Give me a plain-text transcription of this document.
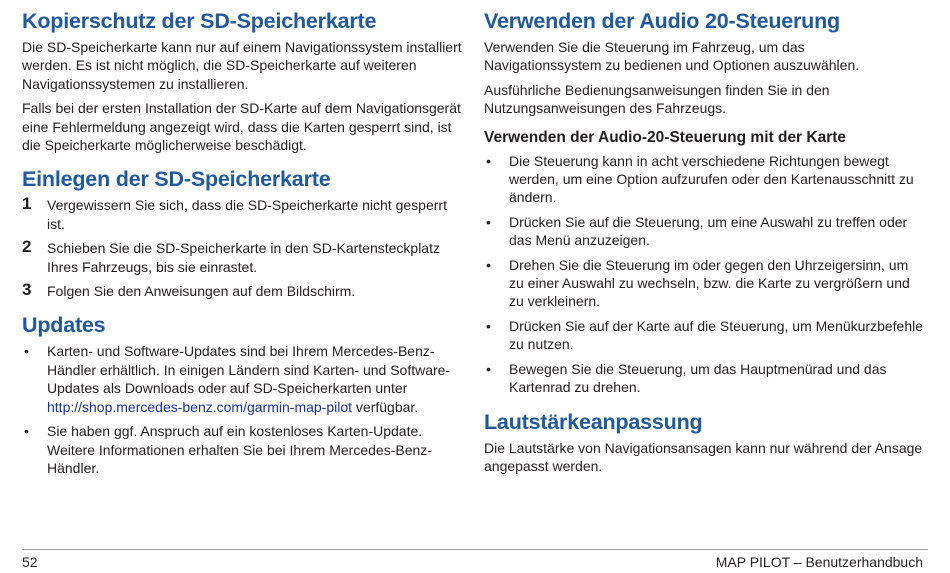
Kopierschutz der SD-Speicherkarte

Die SD-Speicherkarte kann nur auf einem Navigationssystem installiert werden. Es ist nicht möglich, die SD-Speicherkarte auf weiteren Navigationssystemen zu installieren.

Falls bei der ersten Installation der SD-Karte auf dem Navigationsgerät eine Fehlermeldung angezeigt wird, dass die Karten gesperrt sind, ist die Speicherkarte möglicherweise beschädigt.

Einlegen der SD-Speicherkarte
1 Vergewissern Sie sich, dass die SD-Speicherkarte nicht gesperrt ist.
2 Schieben Sie die SD-Speicherkarte in den SD-Kartensteckplatz Ihres Fahrzeugs, bis sie einrastet.
3 Folgen Sie den Anweisungen auf dem Bildschirm.
Updates
• Karten- und Software-Updates sind bei Ihrem Mercedes-Benz-Händler erhältlich. In einigen Ländern sind Karten- und Software-Updates als Downloads oder auf SD-Speicherkarten unter http://shop.mercedes-benz.com/garmin-map-pilot verfügbar.
• Sie haben ggf. Anspruch auf ein kostenloses Karten-Update. Weitere Informationen erhalten Sie bei Ihrem Mercedes-Benz-Händler.
Verwenden der Audio 20-Steuerung

Verwenden Sie die Steuerung im Fahrzeug, um das Navigationssystem zu bedienen und Optionen auszuwählen.

Ausführliche Bedienungsanweisungen finden Sie in den Nutzungsanweisungen des Fahrzeugs.

Verwenden der Audio-20-Steuerung mit der Karte
• Die Steuerung kann in acht verschiedene Richtungen bewegt werden, um eine Option aufzurufen oder den Kartenausschnitt zu ändern.
• Drücken Sie auf die Steuerung, um eine Auswahl zu treffen oder das Menü anzuzeigen.
• Drehen Sie die Steuerung im oder gegen den Uhrzeigersinn, um zu einer Auswahl zu wechseln, bzw. die Karte zu vergrößern und zu verkleinern.
• Drücken Sie auf der Karte auf die Steuerung, um Menükurzbefehle zu nutzen.
• Bewegen Sie die Steuerung, um das Hauptmenürad und das Kartenrad zu drehen.
Lautstärkeanpassung

Die Lautstärke von Navigationsansagen kann nur während der Ansage angepasst werden.

52	MAP PILOT – Benutzerhandbuch
